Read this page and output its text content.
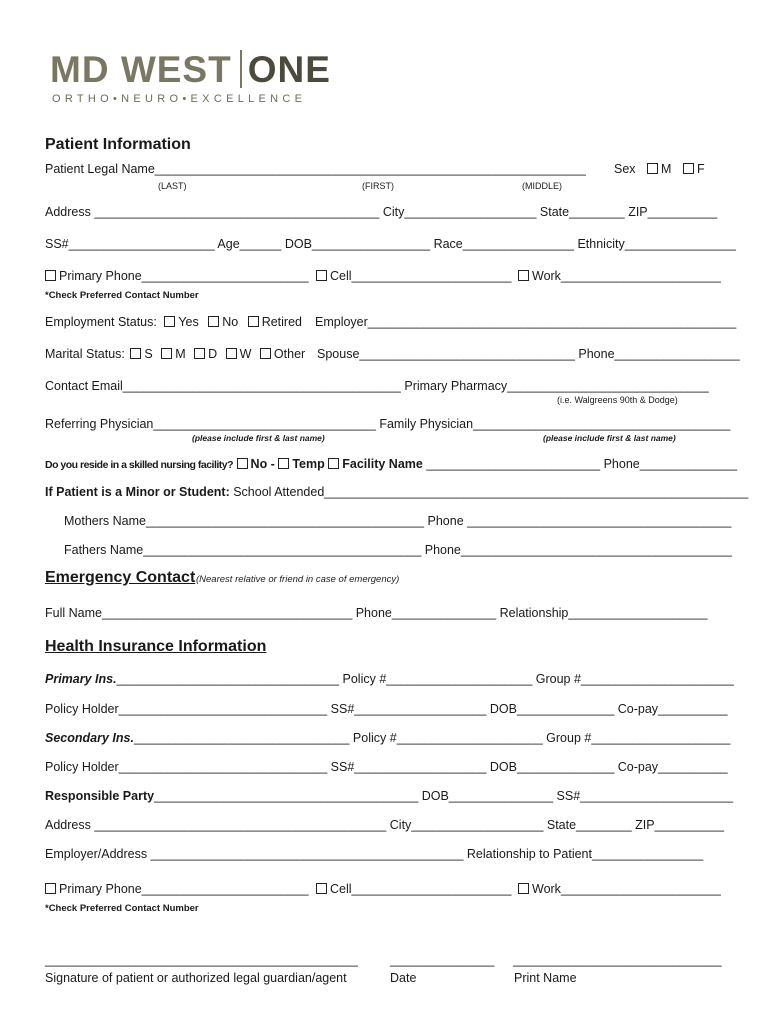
MD WEST ONE
ORTHO•NEURO•EXCELLENCE
Patient Information
Patient Legal Name______________________________________________________________ Sex M F
(LAST)	(FIRST)	(MIDDLE)
Address _________________________________________ City___________________ State________ ZIP__________
SS#_____________________ Age______ DOB_________________ Race________________ Ethnicity________________
Primary Phone________________________	Cell_______________________	Work_______________________
*Check Preferred Contact Number
Employment Status: Yes No Retired Employer_____________________________________________________
Marital Status: S M D W Other Spouse_______________________________ Phone__________________
Contact Email________________________________________ Primary Pharmacy_____________________________
(i.e. Walgreens 90th & Dodge)
Referring Physician________________________________ Family Physician_____________________________________
(please include first & last name)	(please include first & last name)
Do you reside in a skilled nursing facility? No - Temp Facility Name _________________________ Phone______________
If Patient is a Minor or Student: School Attended_____________________________________________________________
Mothers Name________________________________________ Phone ______________________________________
Fathers Name________________________________________ Phone_______________________________________
Emergency Contact (Nearest relative or friend in case of emergency)
Full Name____________________________________ Phone_______________ Relationship____________________
Health Insurance Information
Primary Ins.________________________________ Policy #_____________________ Group #______________________
Policy Holder______________________________ SS#___________________ DOB______________ Co-pay__________
Secondary Ins._______________________________ Policy #_____________________ Group #____________________
Policy Holder______________________________ SS#___________________ DOB______________ Co-pay__________
Responsible Party______________________________________ DOB_______________ SS#______________________
Address __________________________________________ City___________________ State________ ZIP__________
Employer/Address _____________________________________________ Relationship to Patient________________
Primary Phone________________________	Cell_______________________	Work_______________________
*Check Preferred Contact Number
_____________________________________________	_______________ ______________________________
Signature of patient or authorized legal guardian/agent	Date	Print Name
